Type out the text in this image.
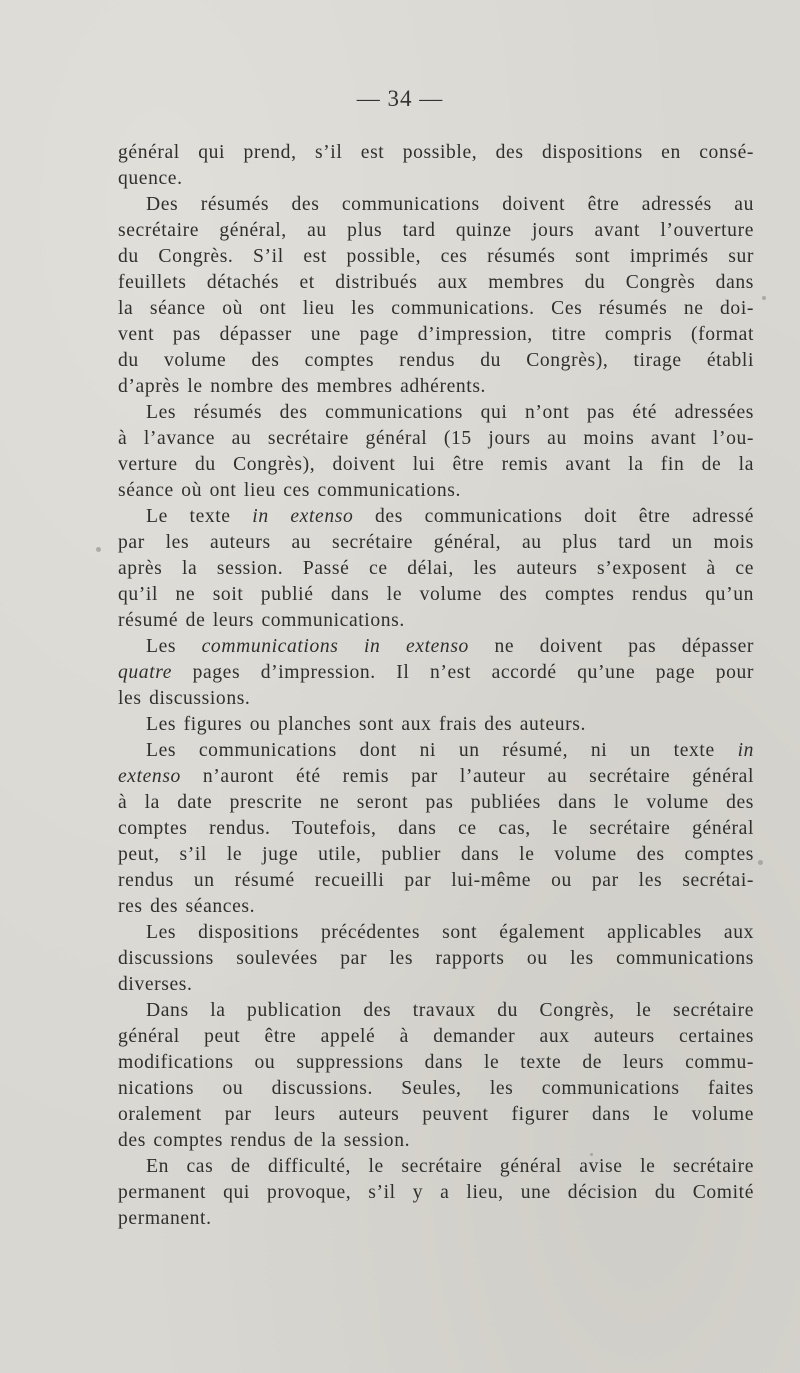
— 34 —
général qui prend, s’il est possible, des dispositions en consé-
quence.
Des résumés des communications doivent être adressés au
secrétaire général, au plus tard quinze jours avant l’ouverture
du Congrès. S’il est possible, ces résumés sont imprimés sur
feuillets détachés et distribués aux membres du Congrès dans
la séance où ont lieu les communications. Ces résumés ne doi-
vent pas dépasser une page d’impression, titre compris (format
du volume des comptes rendus du Congrès), tirage établi
d’après le nombre des membres adhérents.
Les résumés des communications qui n’ont pas été adressées
à l’avance au secrétaire général (15 jours au moins avant l’ou-
verture du Congrès), doivent lui être remis avant la fin de la
séance où ont lieu ces communications.
Le texte in extenso des communications doit être adressé
par les auteurs au secrétaire général, au plus tard un mois
après la session. Passé ce délai, les auteurs s’exposent à ce
qu’il ne soit publié dans le volume des comptes rendus qu’un
résumé de leurs communications.
Les communications in extenso ne doivent pas dépasser
quatre pages d’impression. Il n’est accordé qu’une page pour
les discussions.
Les figures ou planches sont aux frais des auteurs.
Les communications dont ni un résumé, ni un texte in
extenso n’auront été remis par l’auteur au secrétaire général
à la date prescrite ne seront pas publiées dans le volume des
comptes rendus. Toutefois, dans ce cas, le secrétaire général
peut, s’il le juge utile, publier dans le volume des comptes
rendus un résumé recueilli par lui-même ou par les secrétai-
res des séances.
Les dispositions précédentes sont également applicables aux
discussions soulevées par les rapports ou les communications
diverses.
Dans la publication des travaux du Congrès, le secrétaire
général peut être appelé à demander aux auteurs certaines
modifications ou suppressions dans le texte de leurs commu-
nications ou discussions. Seules, les communications faites
oralement par leurs auteurs peuvent figurer dans le volume
des comptes rendus de la session.
En cas de difficulté, le secrétaire général avise le secrétaire
permanent qui provoque, s’il y a lieu, une décision du Comité
permanent.
